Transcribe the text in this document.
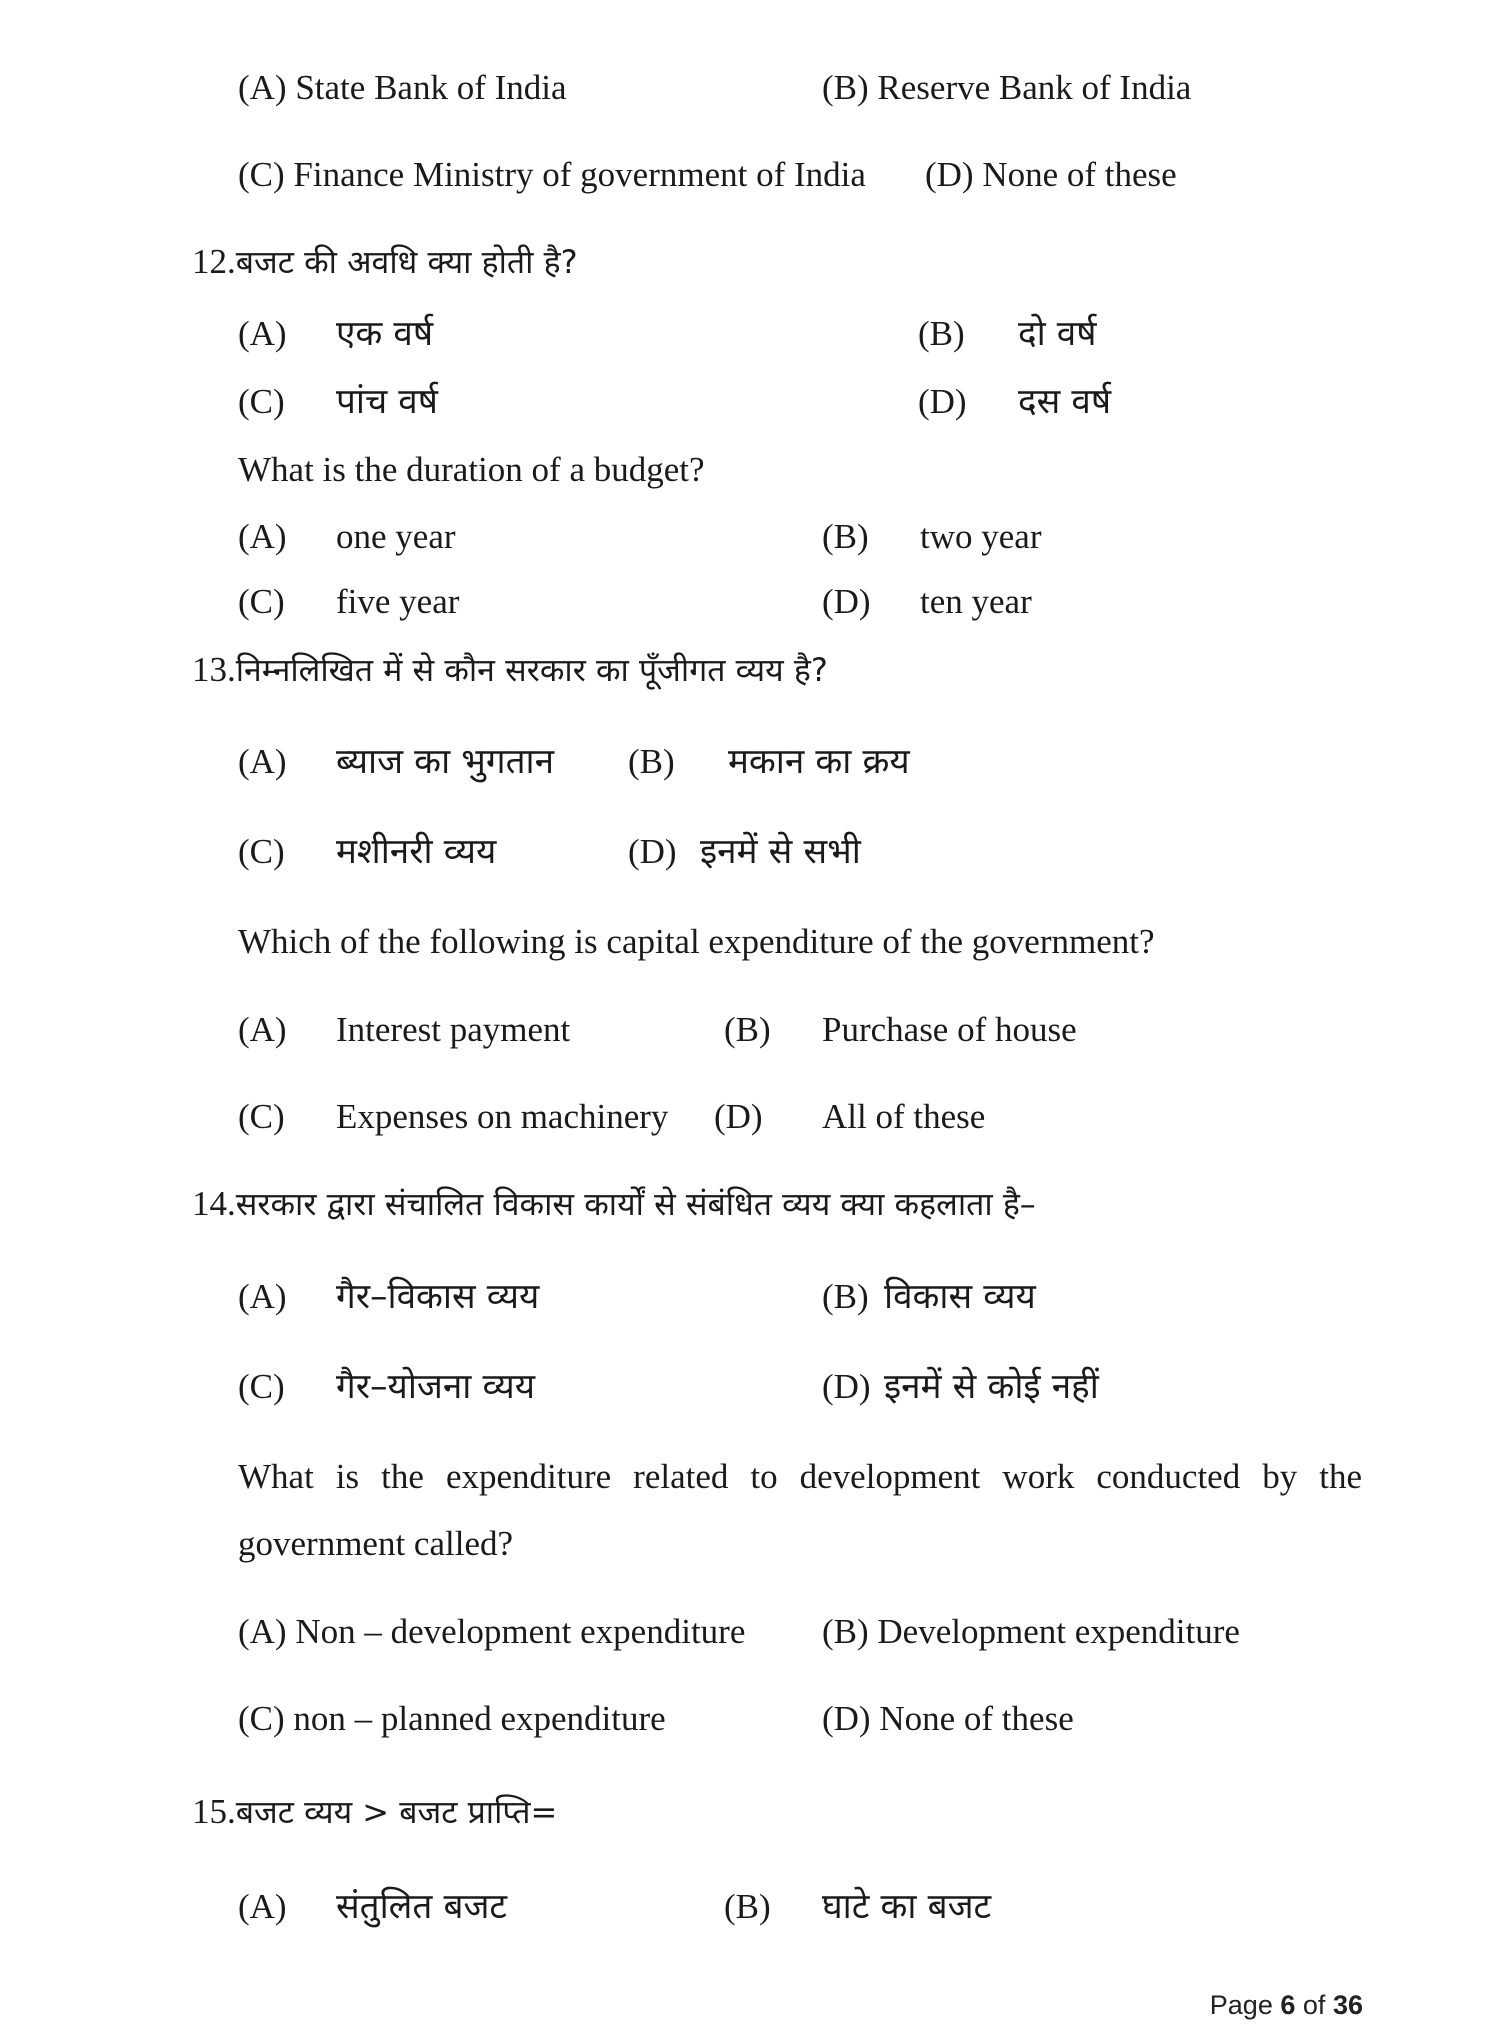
(A) State Bank of India	(B) Reserve Bank of India
(C) Finance Ministry of government of India (D) None of these
12.बजट की अवधि क्या होती है?
(A) एक वर्ष	(B) दो वर्ष
(C) पांच वर्ष	(D) दस वर्ष
What is the duration of a budget?
(A) one year	(B) two year
(C) five year	(D) ten year
13.निम्नलिखित में से कौन सरकार का पूँजीगत व्यय है?
(A) ब्याज का भुगतान (B) मकान का क्रय
(C) मशीनरी व्यय	(D) इनमें से सभी
Which of the following is capital expenditure of the government?
(A) Interest payment	(B) Purchase of house
(C) Expenses on machinery (D) All of these
14.सरकार द्वारा संचालित विकास कार्यों से संबंधित व्यय क्या कहलाता है–
(A) गैर–विकास व्यय	(B) विकास व्यय
(C) गैर–योजना व्यय	(D) इनमें से कोई नहीं
What is the expenditure related to development work conducted by the
government called?
(A) Non – development expenditure (B) Development expenditure
(C) non – planned expenditure	(D) None of these
15.बजट व्यय > बजट प्राप्ति=
(A) संतुलित बजट	(B) घाटे का बजट
Page 6 of 36
